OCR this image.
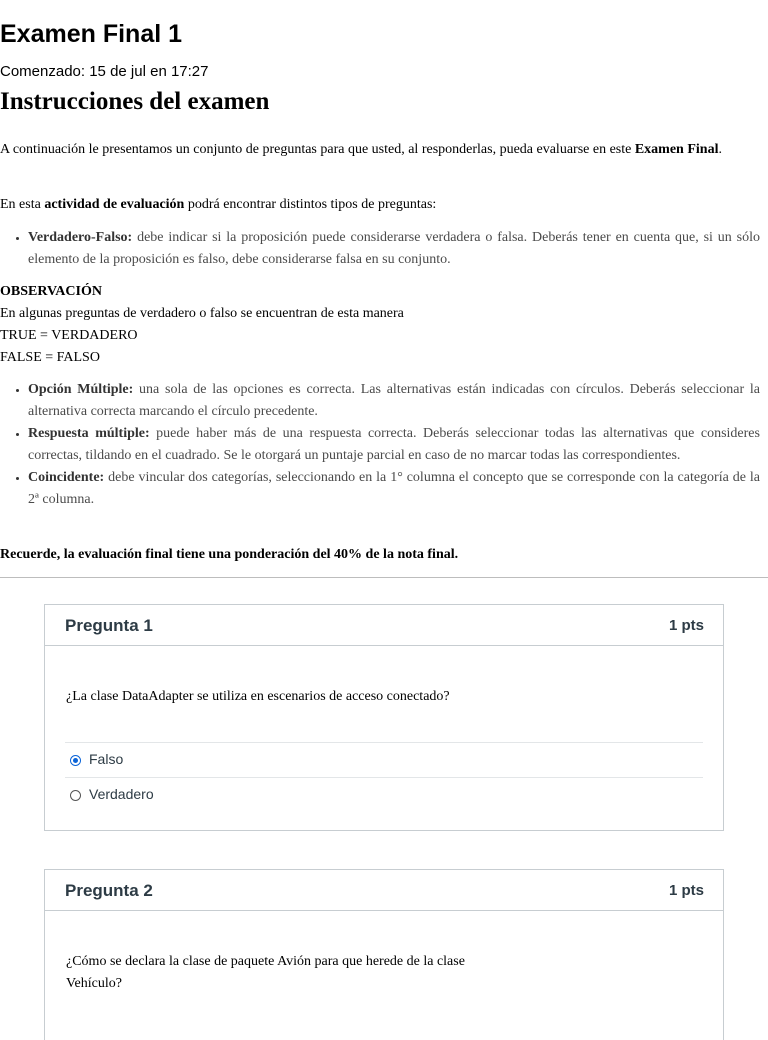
Examen Final 1
Comenzado: 15 de jul en 17:27
Instrucciones del examen
A continuación le presentamos un conjunto de preguntas para que usted, al responderlas, pueda evaluarse en este Examen Final.
En esta actividad de evaluación podrá encontrar distintos tipos de preguntas:
• Verdadero-Falso: debe indicar si la proposición puede considerarse verdadera o falsa. Deberás tener en cuenta que, si un sólo elemento de la proposición es falso, debe considerarse falsa en su conjunto.
OBSERVACIÓN
En algunas preguntas de verdadero o falso se encuentran de esta manera
TRUE = VERDADERO
FALSE = FALSO
• Opción Múltiple: una sola de las opciones es correcta. Las alternativas están indicadas con círculos. Deberás seleccionar la alternativa correcta marcando el círculo precedente.
• Respuesta múltiple: puede haber más de una respuesta correcta. Deberás seleccionar todas las alternativas que consideres correctas, tildando en el cuadrado. Se le otorgará un puntaje parcial en caso de no marcar todas las correspondientes.
• Coincidente: debe vincular dos categorías, seleccionando en la 1° columna el concepto que se corresponde con la categoría de la 2ª columna.
Recuerde, la evaluación final tiene una ponderación del 40% de la nota final.
Pregunta 1	1 pts
¿La clase DataAdapter se utiliza en escenarios de acceso conectado?
Falso
Verdadero
Pregunta 2	1 pts
¿Cómo se declara la clase de paquete Avión para que herede de la clase
Vehículo?
